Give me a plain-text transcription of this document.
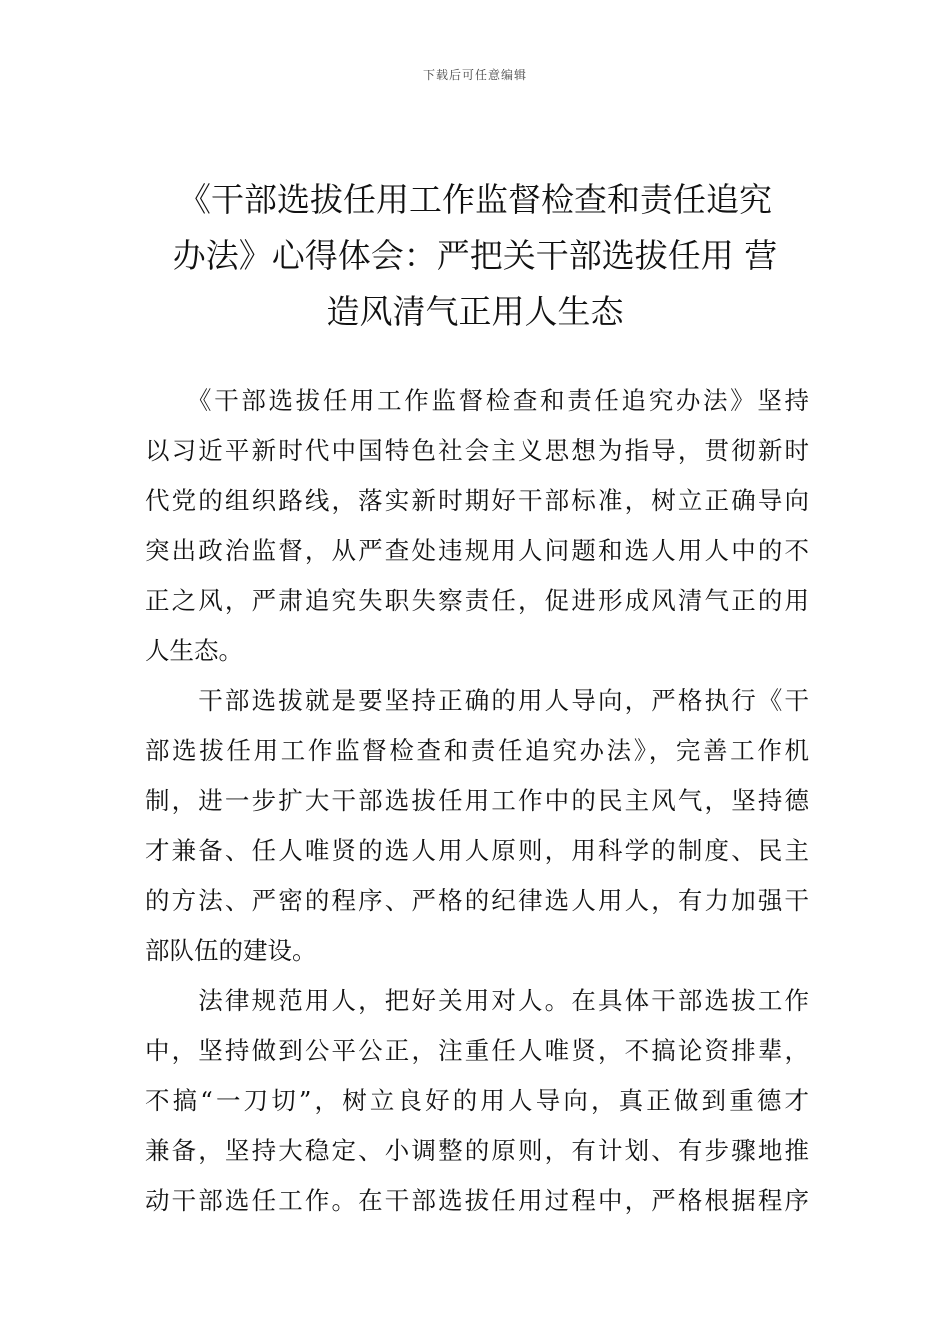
下载后可任意编辑
《干部选拔任用工作监督检查和责任追究
办法》心得体会：严把关干部选拔任用 营
造风清气正用人生态

　　《干部选拔任用工作监督检查和责任追究办法》坚持
以习近平新时代中国特色社会主义思想为指导，贯彻新时
代党的组织路线，落实新时期好干部标准，树立正确导向
突出政治监督，从严查处违规用人问题和选人用人中的不
正之风，严肃追究失职失察责任，促进形成风清气正的用
人生态。

　　干部选拔就是要坚持正确的用人导向，严格执行《干
部选拔任用工作监督检查和责任追究办法》，完善工作机
制，进一步扩大干部选拔任用工作中的民主风气，坚持德
才兼备、任人唯贤的选人用人原则，用科学的制度、民主
的方法、严密的程序、严格的纪律选人用人，有力加强干
部队伍的建设。

　　法律规范用人，把好关用对人。在具体干部选拔工作
中，坚持做到公平公正，注重任人唯贤，不搞论资排辈，
不搞“一刀切”，树立良好的用人导向，真正做到重德才
兼备，坚持大稳定、小调整的原则，有计划、有步骤地推
动干部选任工作。在干部选拔任用过程中，严格根据程序
